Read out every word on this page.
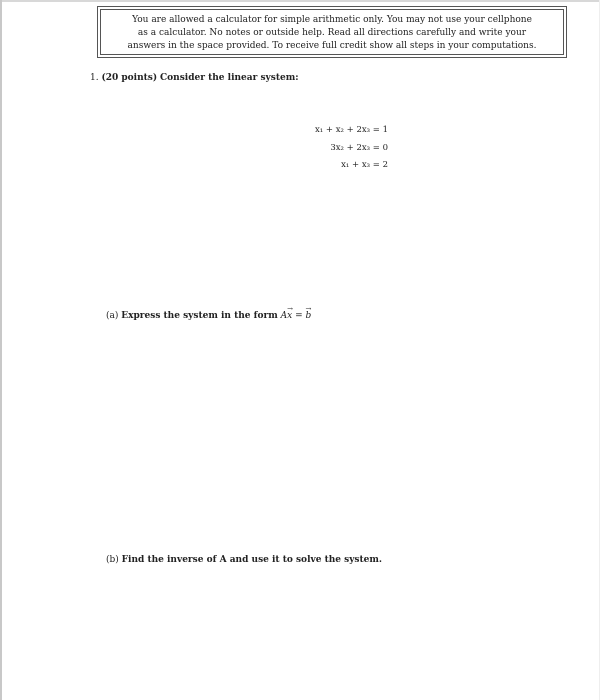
You are allowed a calculator for simple arithmetic only. You may not use your cellphone
as a calculator. No notes or outside help. Read all directions carefully and write your
answers in the space provided. To receive full credit show all steps in your computations.
1. (20 points) Consider the linear system:
x₁ + x₂ + 2x₃ = 1
3x₂ + 2x₃ = 0
x₁ + x₃ = 2
(a) Express the system in the form A→ x = → b
(b) Find the inverse of A and use it to solve the system.
